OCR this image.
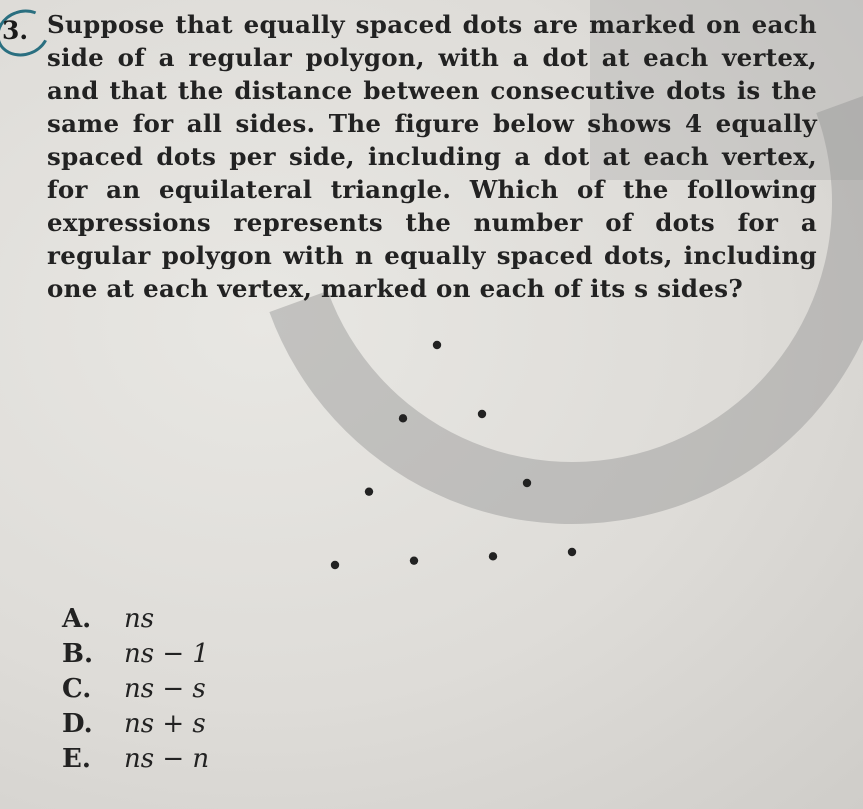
3. Suppose that equally spaced dots are marked on each side of a regular polygon, with a dot at each vertex, and that the distance between consecutive dots is the same for all sides. The figure below shows 4 equally spaced dots per side, including a dot at each vertex, for an equilateral triangle. Which of the following expressions represents the number of dots for a regular polygon with n equally spaced dots, including one at each vertex, marked on each of its s sides?
A.	ns
B.	ns − 1
C.	ns − s
D.	ns + s
E.	ns − n
